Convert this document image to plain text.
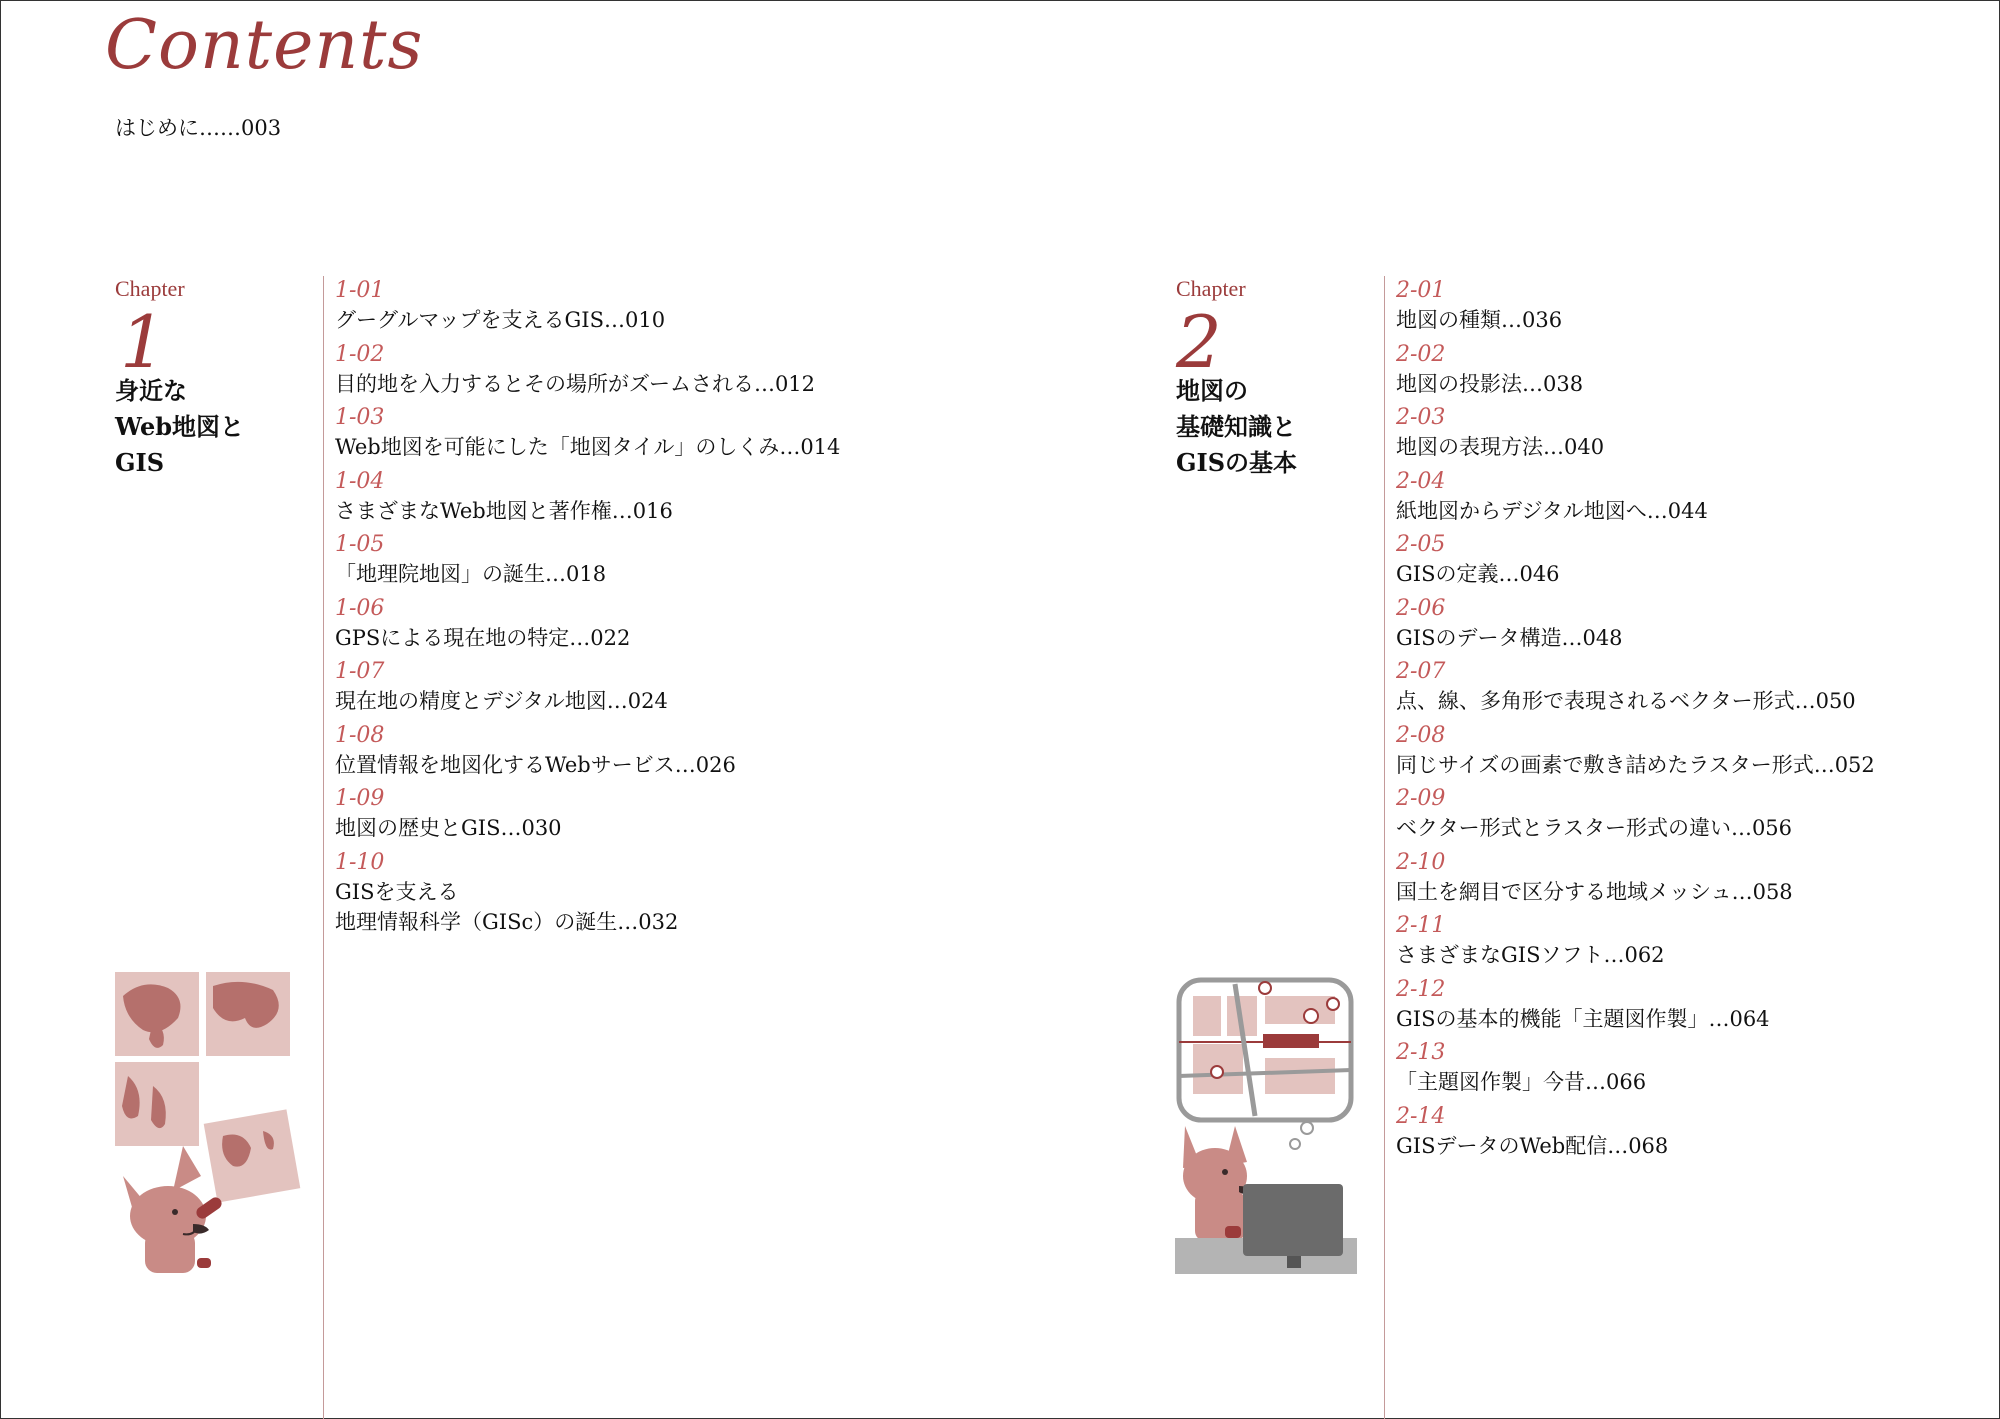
Contents
はじめに……003
Chapter
1
身近な
Web地図と
GIS
1-01
グーグルマップを支えるGIS…010
1-02
目的地を入力するとその場所がズームされる…012
1-03
Web地図を可能にした「地図タイル」のしくみ…014
1-04
さまざまなWeb地図と著作権…016
1-05
「地理院地図」の誕生…018
1-06
GPSによる現在地の特定…022
1-07
現在地の精度とデジタル地図…024
1-08
位置情報を地図化するWebサービス…026
1-09
地図の歴史とGIS…030
1-10
GISを支える
地理情報科学（GISc）の誕生…032
Chapter
2
地図の
基礎知識と
GISの基本
2-01
地図の種類…036
2-02
地図の投影法…038
2-03
地図の表現方法…040
2-04
紙地図からデジタル地図へ…044
2-05
GISの定義…046
2-06
GISのデータ構造…048
2-07
点、線、多角形で表現されるベクター形式…050
2-08
同じサイズの画素で敷き詰めたラスター形式…052
2-09
ベクター形式とラスター形式の違い…056
2-10
国土を網目で区分する地域メッシュ…058
2-11
さまざまなGISソフト…062
2-12
GISの基本的機能「主題図作製」…064
2-13
「主題図作製」今昔…066
2-14
GISデータのWeb配信…068
